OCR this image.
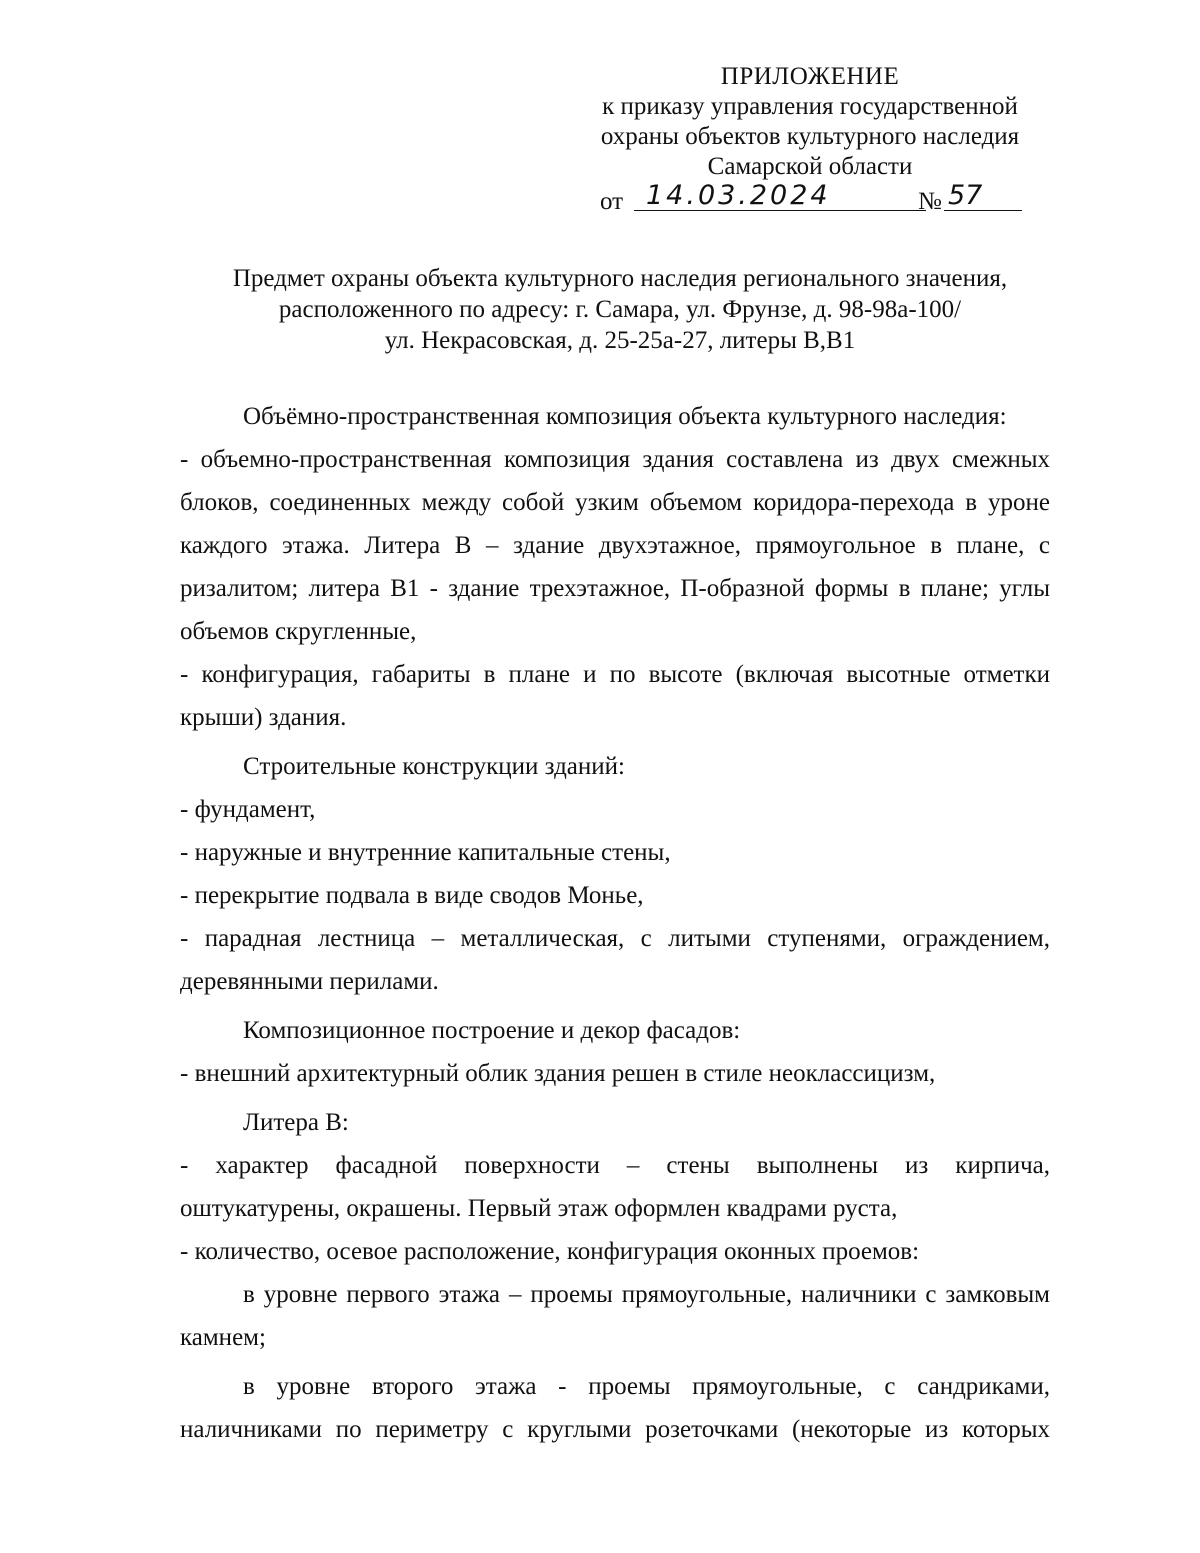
ПРИЛОЖЕНИЕ
к приказу управления государственной
охраны объектов культурного наследия
Самарской области
от 14.03.2024	№ 57
Предмет охраны объекта культурного наследия регионального значения,
расположенного по адресу: г. Самара, ул. Фрунзе, д. 98-98а-100/
ул. Некрасовская, д. 25-25а-27, литеры В,В1

Объёмно-пространственная композиция объекта культурного наследия:

- объемно-пространственная композиция здания составлена из двух смежных блоков, соединенных между собой узким объемом коридора-перехода в уроне каждого этажа. Литера В – здание двухэтажное, прямоугольное в плане, с ризалитом; литера В1 - здание трехэтажное, П-образной формы в плане; углы объемов скругленные,

- конфигурация, габариты в плане и по высоте (включая высотные отметки крыши) здания.

Строительные конструкции зданий:

- фундамент,

- наружные и внутренние капитальные стены,

- перекрытие подвала в виде сводов Монье,

- парадная лестница – металлическая, с литыми ступенями, ограждением, деревянными перилами.

Композиционное построение и декор фасадов:

- внешний архитектурный облик здания решен в стиле неоклассицизм,

Литера В:

- характер фасадной поверхности – стены выполнены из кирпича, оштукатурены, окрашены. Первый этаж оформлен квадрами руста,

- количество, осевое расположение, конфигурация оконных проемов:

в уровне первого этажа – проемы прямоугольные, наличники с замковым камнем;

в уровне второго этажа - проемы прямоугольные, с сандриками, наличниками по периметру с круглыми розеточками (некоторые из которых
